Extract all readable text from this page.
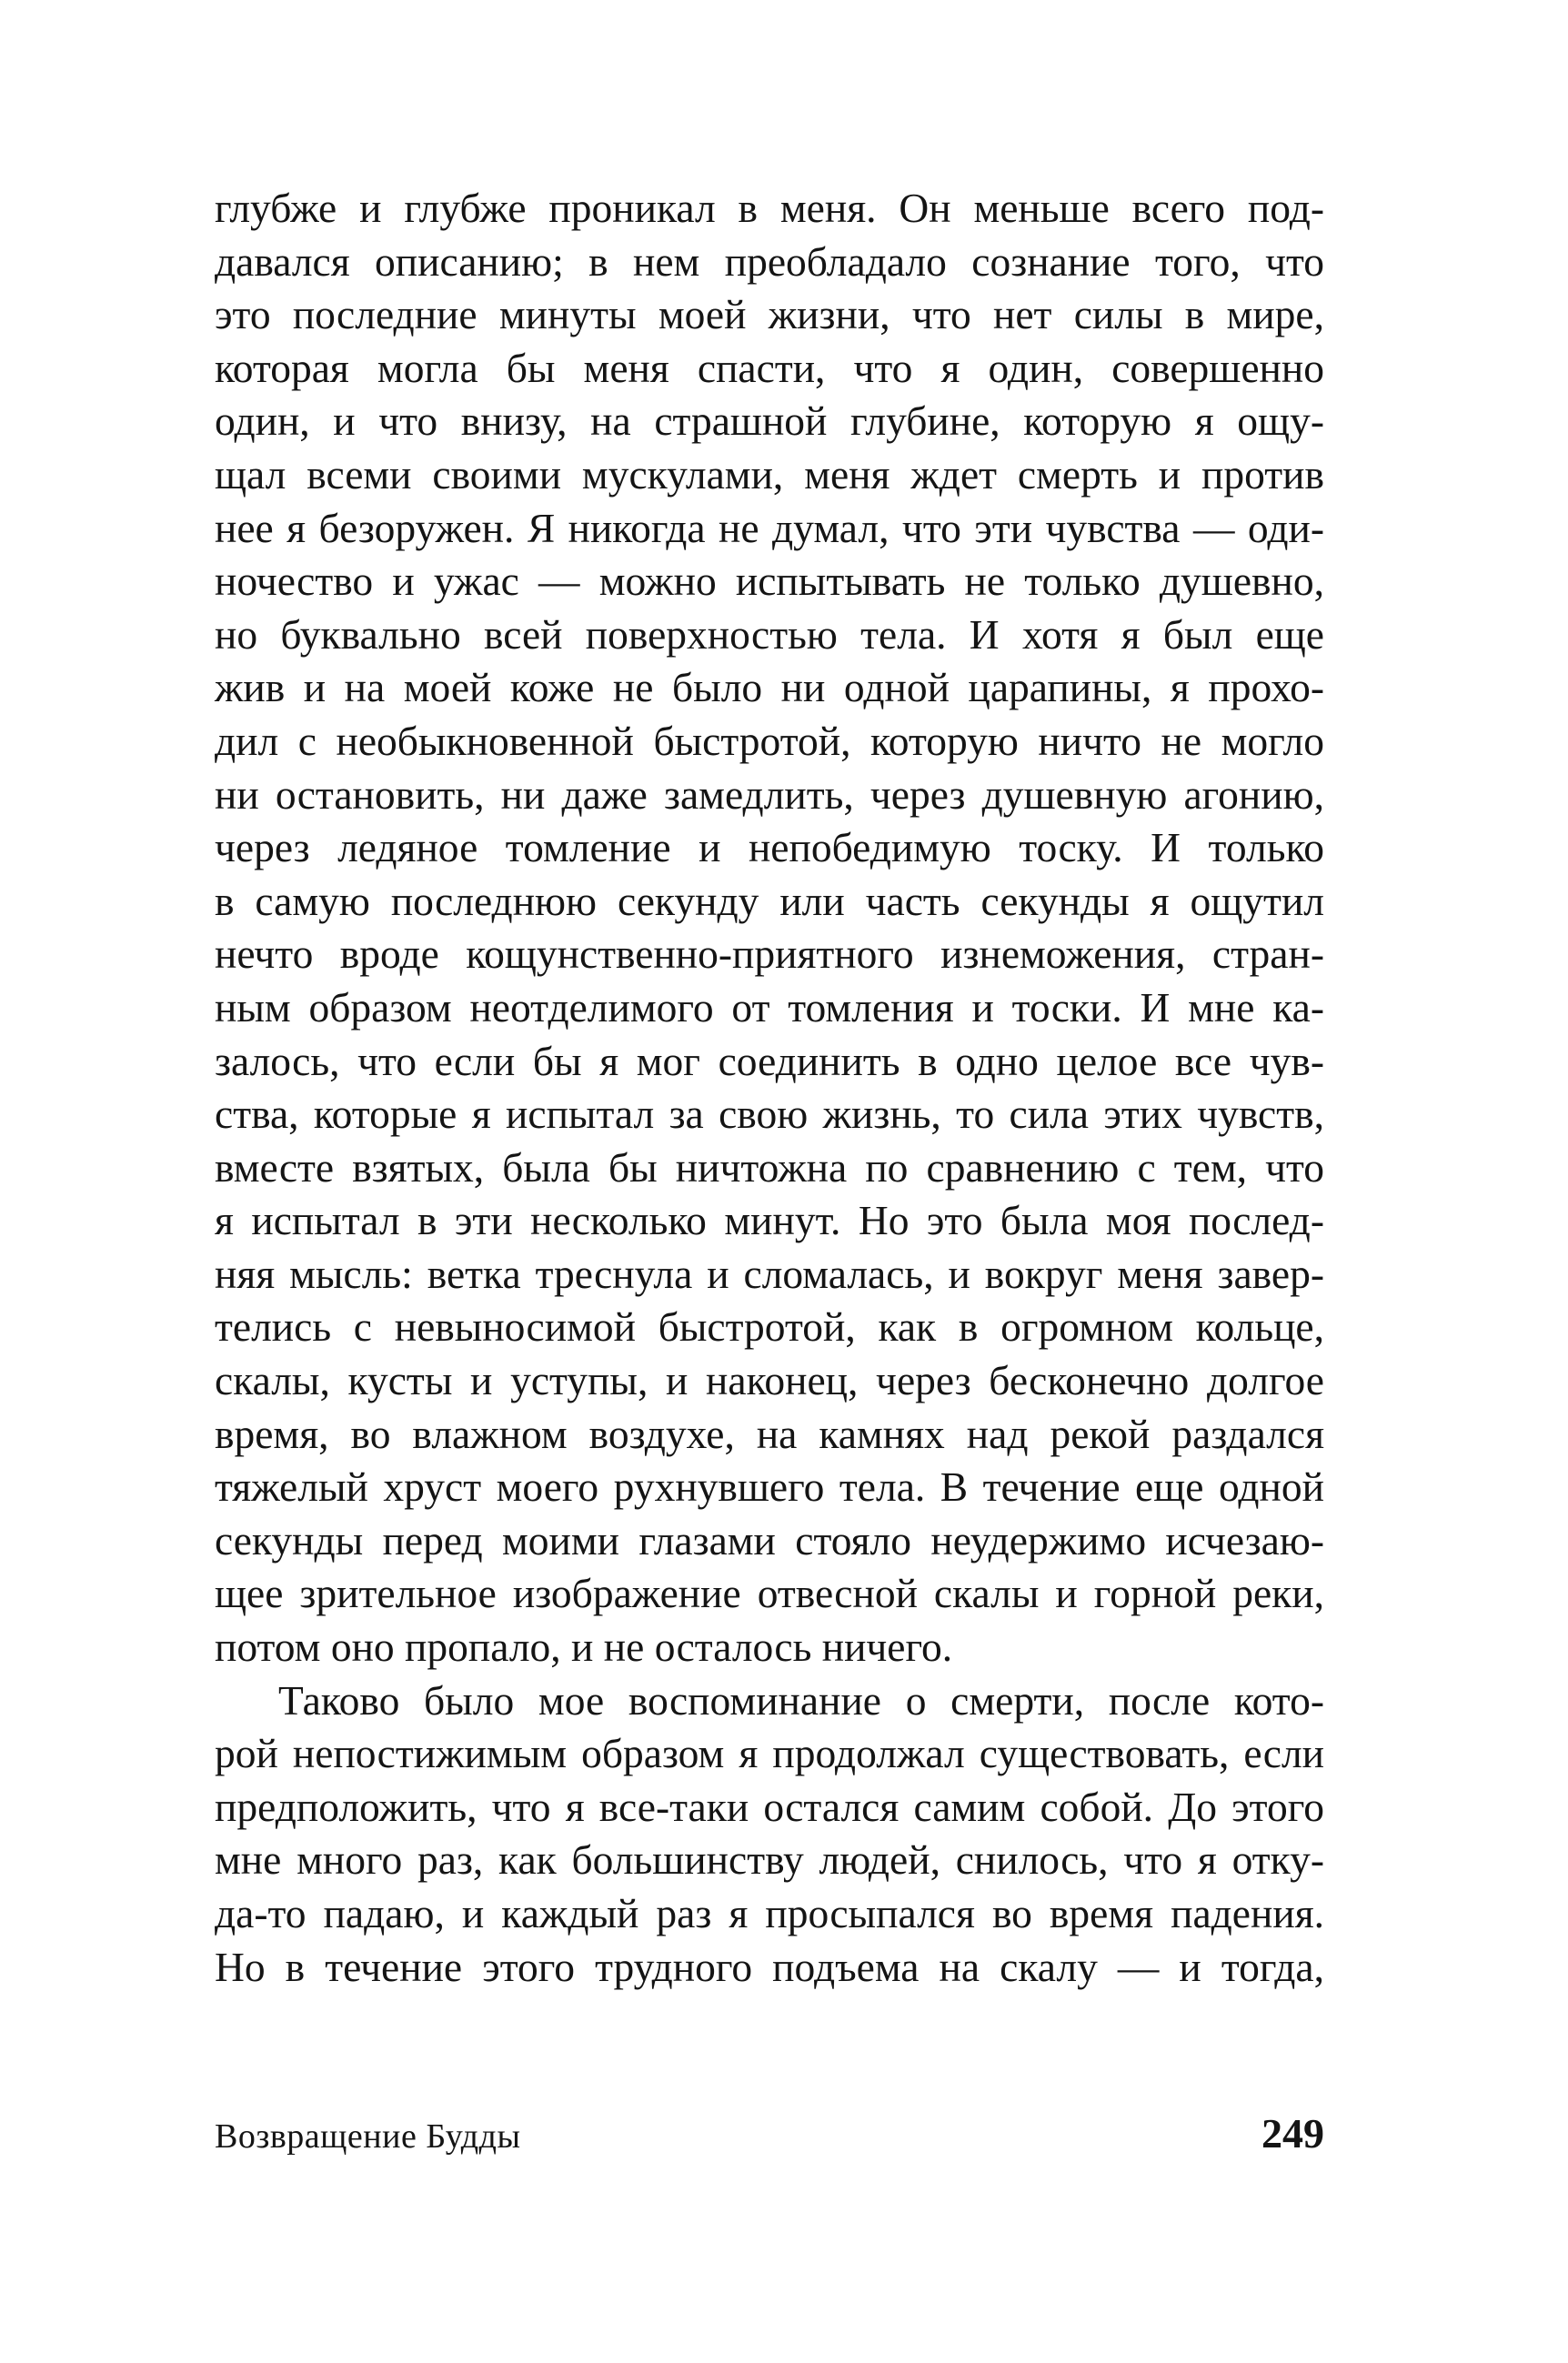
глубже и глубже проникал в меня. Он меньше всего под-
давался описанию; в нем преобладало сознание того, что
это последние минуты моей жизни, что нет силы в мире,
которая могла бы меня спасти, что я один, совершенно
один, и что внизу, на страшной глубине, которую я ощу-
щал всеми своими мускулами, меня ждет смерть и против
нее я безоружен. Я никогда не думал, что эти чувства — оди-
ночество и ужас — можно испытывать не только душевно,
но буквально всей поверхностью тела. И хотя я был еще
жив и на моей коже не было ни одной царапины, я прохо-
дил с необыкновенной быстротой, которую ничто не могло
ни остановить, ни даже замедлить, через душевную агонию,
через ледяное томление и непобедимую тоску. И только
в самую последнюю секунду или часть секунды я ощутил
нечто вроде кощунственно-приятного изнеможения, стран-
ным образом неотделимого от томления и тоски. И мне ка-
залось, что если бы я мог соединить в одно целое все чув-
ства, которые я испытал за свою жизнь, то сила этих чувств,
вместе взятых, была бы ничтожна по сравнению с тем, что
я испытал в эти несколько минут. Но это была моя послед-
няя мысль: ветка треснула и сломалась, и вокруг меня завер-
телись с невыносимой быстротой, как в огромном кольце,
скалы, кусты и уступы, и наконец, через бесконечно долгое
время, во влажном воздухе, на камнях над рекой раздался
тяжелый хруст моего рухнувшего тела. В течение еще одной
секунды перед моими глазами стояло неудержимо исчезаю-
щее зрительное изображение отвесной скалы и горной реки,
потом оно пропало, и не осталось ничего.
Таково было мое воспоминание о смерти, после кото-
рой непостижимым образом я продолжал существовать, если
предположить, что я все-таки остался самим собой. До этого
мне много раз, как большинству людей, снилось, что я отку-
да-то падаю, и каждый раз я просыпался во время падения.
Но в течение этого трудного подъема на скалу — и тогда,
Возвращение Будды	249
